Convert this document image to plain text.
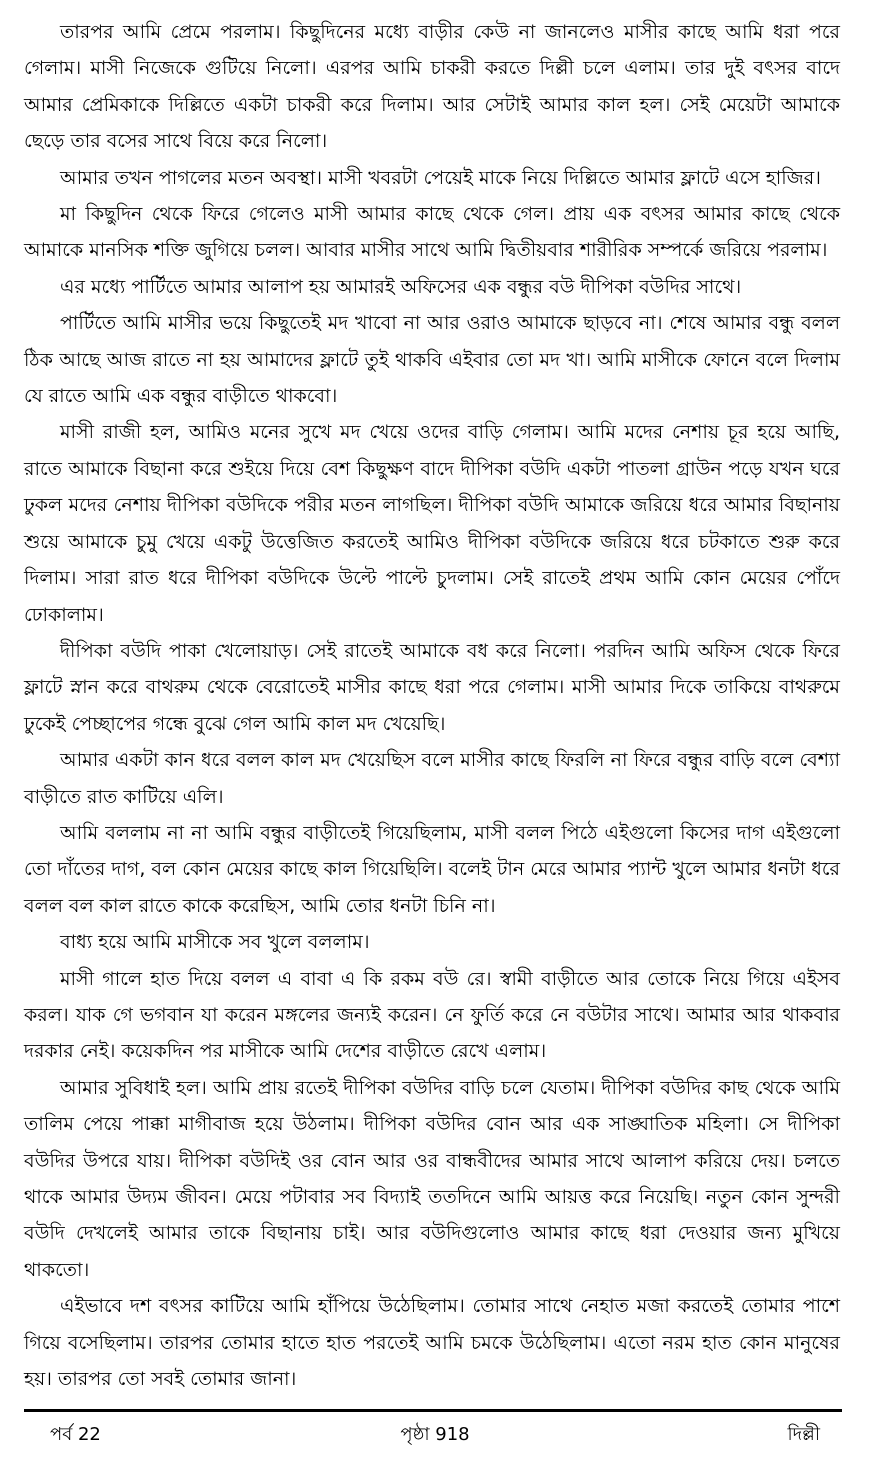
তারপর আমি প্রেমে পরলাম। কিছুদিনের মধ্যে বাড়ীর কেউ না জানলেও মাসীর কাছে আমি ধরা পরে গেলাম। মাসী নিজেকে গুটিয়ে নিলো। এরপর আমি চাকরী করতে দিল্লী চলে এলাম। তার দুই বৎসর বাদে আমার প্রেমিকাকে দিল্লিতে একটা চাকরী করে দিলাম। আর সেটাই আমার কাল হল। সেই মেয়েটা আমাকে ছেড়ে তার বসের সাথে বিয়ে করে নিলো।

আমার তখন পাগলের মতন অবস্থা। মাসী খবরটা পেয়েই মাকে নিয়ে দিল্লিতে আমার ফ্লাটে এসে হাজির।

মা কিছুদিন থেকে ফিরে গেলেও মাসী আমার কাছে থেকে গেল। প্রায় এক বৎসর আমার কাছে থেকে আমাকে মানসিক শক্তি জুগিয়ে চলল। আবার মাসীর সাথে আমি দ্বিতীয়বার শারীরিক সম্পর্কে জরিয়ে পরলাম।

এর মধ্যে পার্টিতে আমার আলাপ হয় আমারই অফিসের এক বন্ধুর বউ দীপিকা বউদির সাথে।

পার্টিতে আমি মাসীর ভয়ে কিছুতেই মদ খাবো না আর ওরাও আমাকে ছাড়বে না। শেষে আমার বন্ধু বলল ঠিক আছে আজ রাতে না হয় আমাদের ফ্লাটে তুই থাকবি এইবার তো মদ খা। আমি মাসীকে ফোনে বলে দিলাম যে রাতে আমি এক বন্ধুর বাড়ীতে থাকবো।

মাসী রাজী হল, আমিও মনের সুখে মদ খেয়ে ওদের বাড়ি গেলাম। আমি মদের নেশায় চূর হয়ে আছি, রাতে আমাকে বিছানা করে শুইয়ে দিয়ে বেশ কিছুক্ষণ বাদে দীপিকা বউদি একটা পাতলা গ্রাউন পড়ে যখন ঘরে ঢুকল মদের নেশায় দীপিকা বউদিকে পরীর মতন লাগছিল। দীপিকা বউদি আমাকে জরিয়ে ধরে আমার বিছানায় শুয়ে আমাকে চুমু খেয়ে একটু উত্তেজিত করতেই আমিও দীপিকা বউদিকে জরিয়ে ধরে চটকাতে শুরু করে দিলাম। সারা রাত ধরে দীপিকা বউদিকে উল্টে পাল্টে চুদলাম। সেই রাতেই প্রথম আমি কোন মেয়ের পোঁদে ঢোকালাম।

দীপিকা বউদি পাকা খেলোয়াড়। সেই রাতেই আমাকে বধ করে নিলো। পরদিন আমি অফিস থেকে ফিরে ফ্লাটে স্নান করে বাথরুম থেকে বেরোতেই মাসীর কাছে ধরা পরে গেলাম। মাসী আমার দিকে তাকিয়ে বাথরুমে ঢুকেই পেচ্ছাপের গন্ধে বুঝে গেল আমি কাল মদ খেয়েছি।

আমার একটা কান ধরে বলল কাল মদ খেয়েছিস বলে মাসীর কাছে ফিরলি না ফিরে বন্ধুর বাড়ি বলে বেশ্যা বাড়ীতে রাত কাটিয়ে এলি।

আমি বললাম না না আমি বন্ধুর বাড়ীতেই গিয়েছিলাম, মাসী বলল পিঠে এইগুলো কিসের দাগ এইগুলো তো দাঁতের দাগ, বল কোন মেয়ের কাছে কাল গিয়েছিলি। বলেই টান মেরে আমার প্যান্ট খুলে আমার ধনটা ধরে বলল বল কাল রাতে কাকে করেছিস, আমি তোর ধনটা চিনি না।

বাধ্য হয়ে আমি মাসীকে সব খুলে বললাম।

মাসী গালে হাত দিয়ে বলল এ বাবা এ কি রকম বউ রে। স্বামী বাড়ীতে আর তোকে নিয়ে গিয়ে এইসব করল। যাক গে ভগবান যা করেন মঙ্গলের জন্যই করেন। নে ফুর্তি করে নে বউটার সাথে। আমার আর থাকবার দরকার নেই। কয়েকদিন পর মাসীকে আমি দেশের বাড়ীতে রেখে এলাম।

আমার সুবিধাই হল। আমি প্রায় রতেই দীপিকা বউদির বাড়ি চলে যেতাম। দীপিকা বউদির কাছ থেকে আমি তালিম পেয়ে পাক্কা মাগীবাজ হয়ে উঠলাম। দীপিকা বউদির বোন আর এক সাঙ্ঘাতিক মহিলা। সে দীপিকা বউদির উপরে যায়। দীপিকা বউদিই ওর বোন আর ওর বান্ধবীদের আমার সাথে আলাপ করিয়ে দেয়। চলতে থাকে আমার উদ্যম জীবন। মেয়ে পটাবার সব বিদ্যাই ততদিনে আমি আয়ত্ত করে নিয়েছি। নতুন কোন সুন্দরী বউদি দেখলেই আমার তাকে বিছানায় চাই। আর বউদিগুলোও আমার কাছে ধরা দেওয়ার জন্য মুখিয়ে থাকতো।

এইভাবে দশ বৎসর কাটিয়ে আমি হাঁপিয়ে উঠেছিলাম। তোমার সাথে নেহাত মজা করতেই তোমার পাশে গিয়ে বসেছিলাম। তারপর তোমার হাতে হাত পরতেই আমি চমকে উঠেছিলাম। এতো নরম হাত কোন মানুষের হয়। তারপর তো সবই তোমার জানা।

পর্ব 22	পৃষ্ঠা 918	দিল্লী
